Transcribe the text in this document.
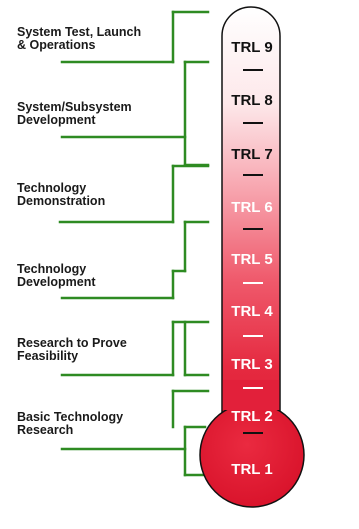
TRL 9
TRL 8
TRL 7
TRL 6
TRL 5
TRL 4
TRL 3
TRL 2
TRL 1
System Test, Launch
& Operations
System/Subsystem
Development
Technology
Demonstration
Technology
Development
Research to Prove
Feasibility
Basic Technology
Research
